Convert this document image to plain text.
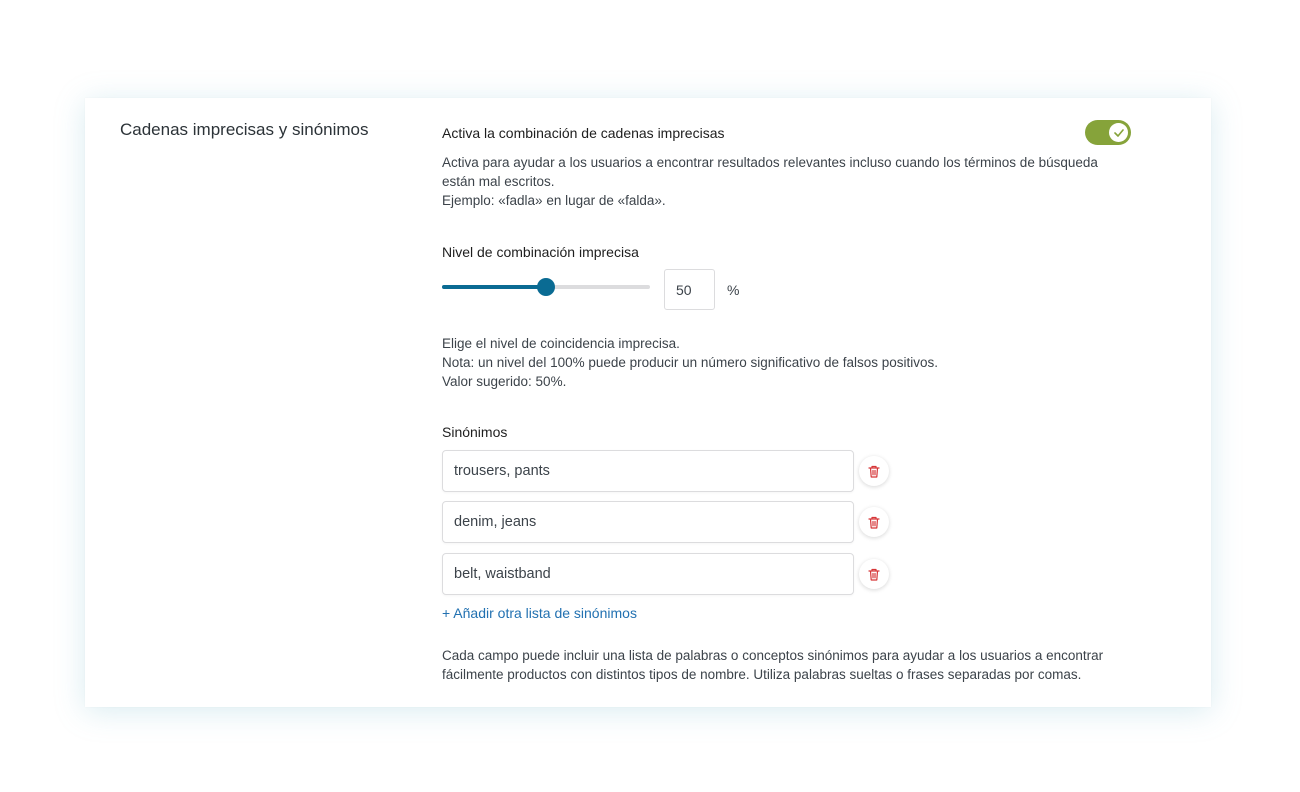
Cadenas imprecisas y sinónimos	Activa la combinación de cadenas imprecisas
Activa para ayudar a los usuarios a encontrar resultados relevantes incluso cuando los términos de búsqueda
están mal escritos.
Ejemplo: «fadla» en lugar de «falda».
Nivel de combinación imprecisa
50
%
Elige el nivel de coincidencia imprecisa.
Nota: un nivel del 100% puede producir un número significativo de falsos positivos.
Valor sugerido: 50%.
Sinónimos
trousers, pants
denim, jeans
belt, waistband
+ Añadir otra lista de sinónimos
Cada campo puede incluir una lista de palabras o conceptos sinónimos para ayudar a los usuarios a encontrar
fácilmente productos con distintos tipos de nombre. Utiliza palabras sueltas o frases separadas por comas.
